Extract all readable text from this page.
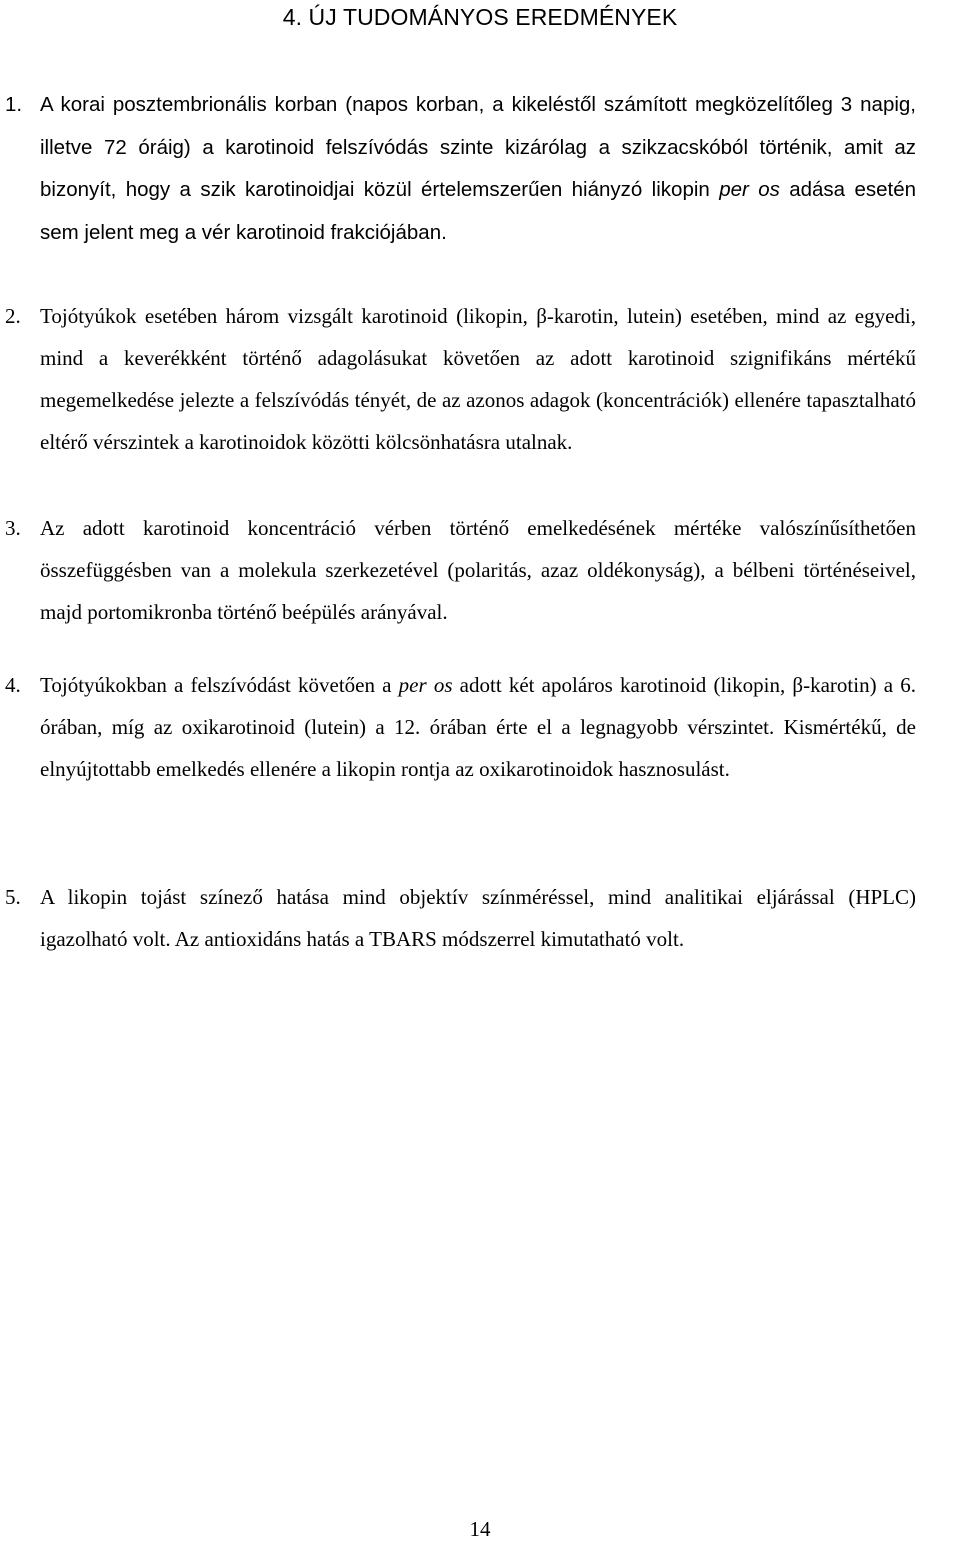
4. ÚJ TUDOMÁNYOS EREDMÉNYEK
1. A korai posztembrionális korban (napos korban, a kikeléstől számított megközelítőleg 3 napig, illetve 72 óráig) a karotinoid felszívódás szinte kizárólag a szikzacskóból történik, amit az bizonyít, hogy a szik karotinoidjai közül értelemszerűen hiányzó likopin per os adása esetén sem jelent meg a vér karotinoid frakciójában.
2. Tojótyúkok esetében három vizsgált karotinoid (likopin, β-karotin, lutein) esetében, mind az egyedi, mind a keverékként történő adagolásukat követően az adott karotinoid szignifikáns mértékű megemelkedése jelezte a felszívódás tényét, de az azonos adagok (koncentrációk) ellenére tapasztalható eltérő vérszintek a karotinoidok közötti kölcsönhatásra utalnak.
3. Az adott karotinoid koncentráció vérben történő emelkedésének mértéke valószínűsíthetően összefüggésben van a molekula szerkezetével (polaritás, azaz oldékonyság), a bélbeni történéseivel, majd portomikronba történő beépülés arányával.
4. Tojótyúkokban a felszívódást követően a per os adott két apoláros karotinoid (likopin, β-karotin) a 6. órában, míg az oxikarotinoid (lutein) a 12. órában érte el a legnagyobb vérszintet. Kismértékű, de elnyújtottabb emelkedés ellenére a likopin rontja az oxikarotinoidok hasznosulást.
5. A likopin tojást színező hatása mind objektív színméréssel, mind analitikai eljárással (HPLC) igazolható volt. Az antioxidáns hatás a TBARS módszerrel kimutatható volt.
14
